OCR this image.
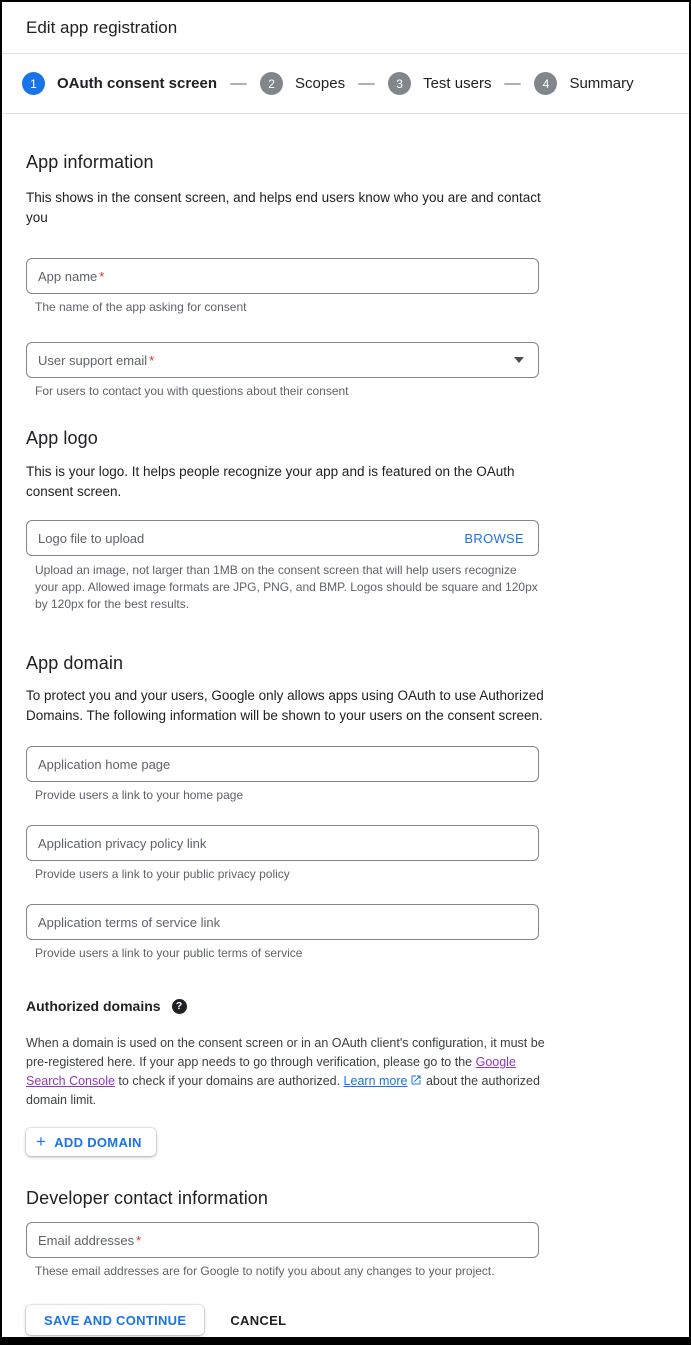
Edit app registration
1	OAuth consent screen	2	Scopes	3	Test users	4	Summary
App information

This shows in the consent screen, and helps end users know who you are and contact you

App name *
The name of the app asking for consent
User support email *
For users to contact you with questions about their consent
App logo

This is your logo. It helps people recognize your app and is featured on the OAuth consent screen.

Logo file to upload	BROWSE
Upload an image, not larger than 1MB on the consent screen that will help users recognize your app. Allowed image formats are JPG, PNG, and BMP. Logos should be square and 120px by 120px for the best results.
App domain

To protect you and your users, Google only allows apps using OAuth to use Authorized Domains. The following information will be shown to your users on the consent screen.

Application home page
Provide users a link to your home page
Application privacy policy link
Provide users a link to your public privacy policy
Application terms of service link
Provide users a link to your public terms of service
Authorized domains	?

When a domain is used on the consent screen or in an OAuth client's configuration, it must be pre-registered here. If your app needs to go through verification, please go to the Google Search Console to check if your domains are authorized. Learn more about the authorized domain limit.

+ ADD DOMAIN
Developer contact information
Email addresses *
These email addresses are for Google to notify you about any changes to your project.
SAVE AND CONTINUE	CANCEL
